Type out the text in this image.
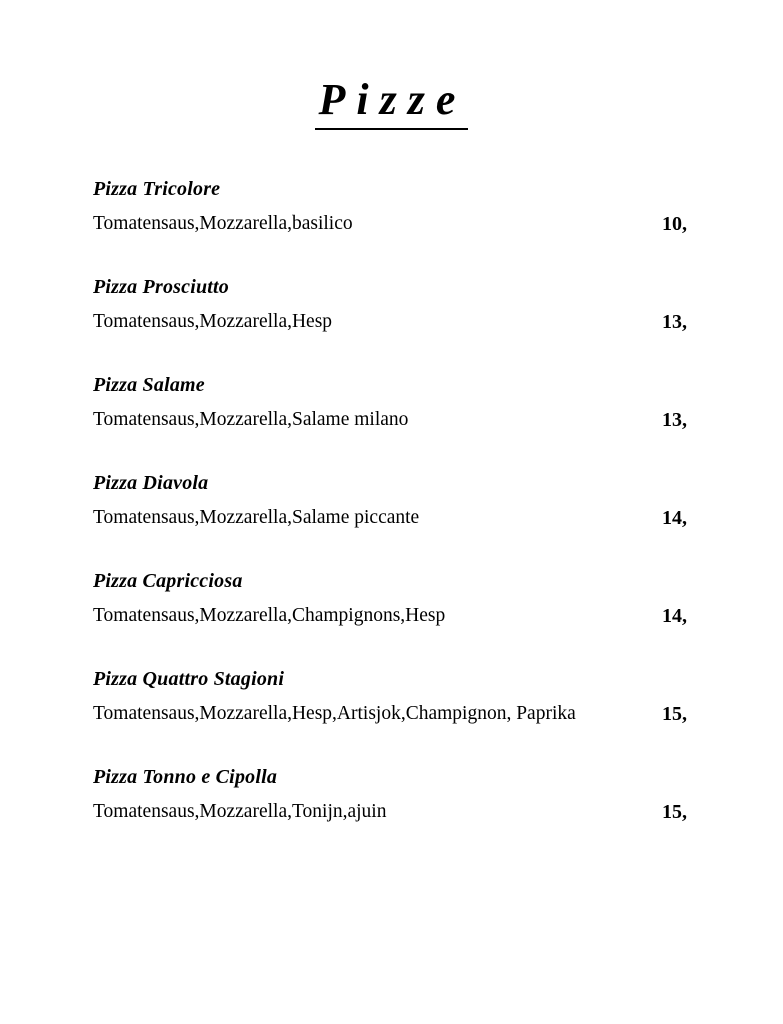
Pizze
Pizza Tricolore
Tomatensaus,Mozzarella,basilico	10,
Pizza Prosciutto
Tomatensaus,Mozzarella,Hesp	13,
Pizza Salame
Tomatensaus,Mozzarella,Salame milano	13,
Pizza Diavola
Tomatensaus,Mozzarella,Salame piccante	14,
Pizza Capricciosa
Tomatensaus,Mozzarella,Champignons,Hesp	14,
Pizza Quattro Stagioni
Tomatensaus,Mozzarella,Hesp,Artisjok,Champignon, Paprika	15,
Pizza Tonno e Cipolla
Tomatensaus,Mozzarella,Tonijn,ajuin	15,
